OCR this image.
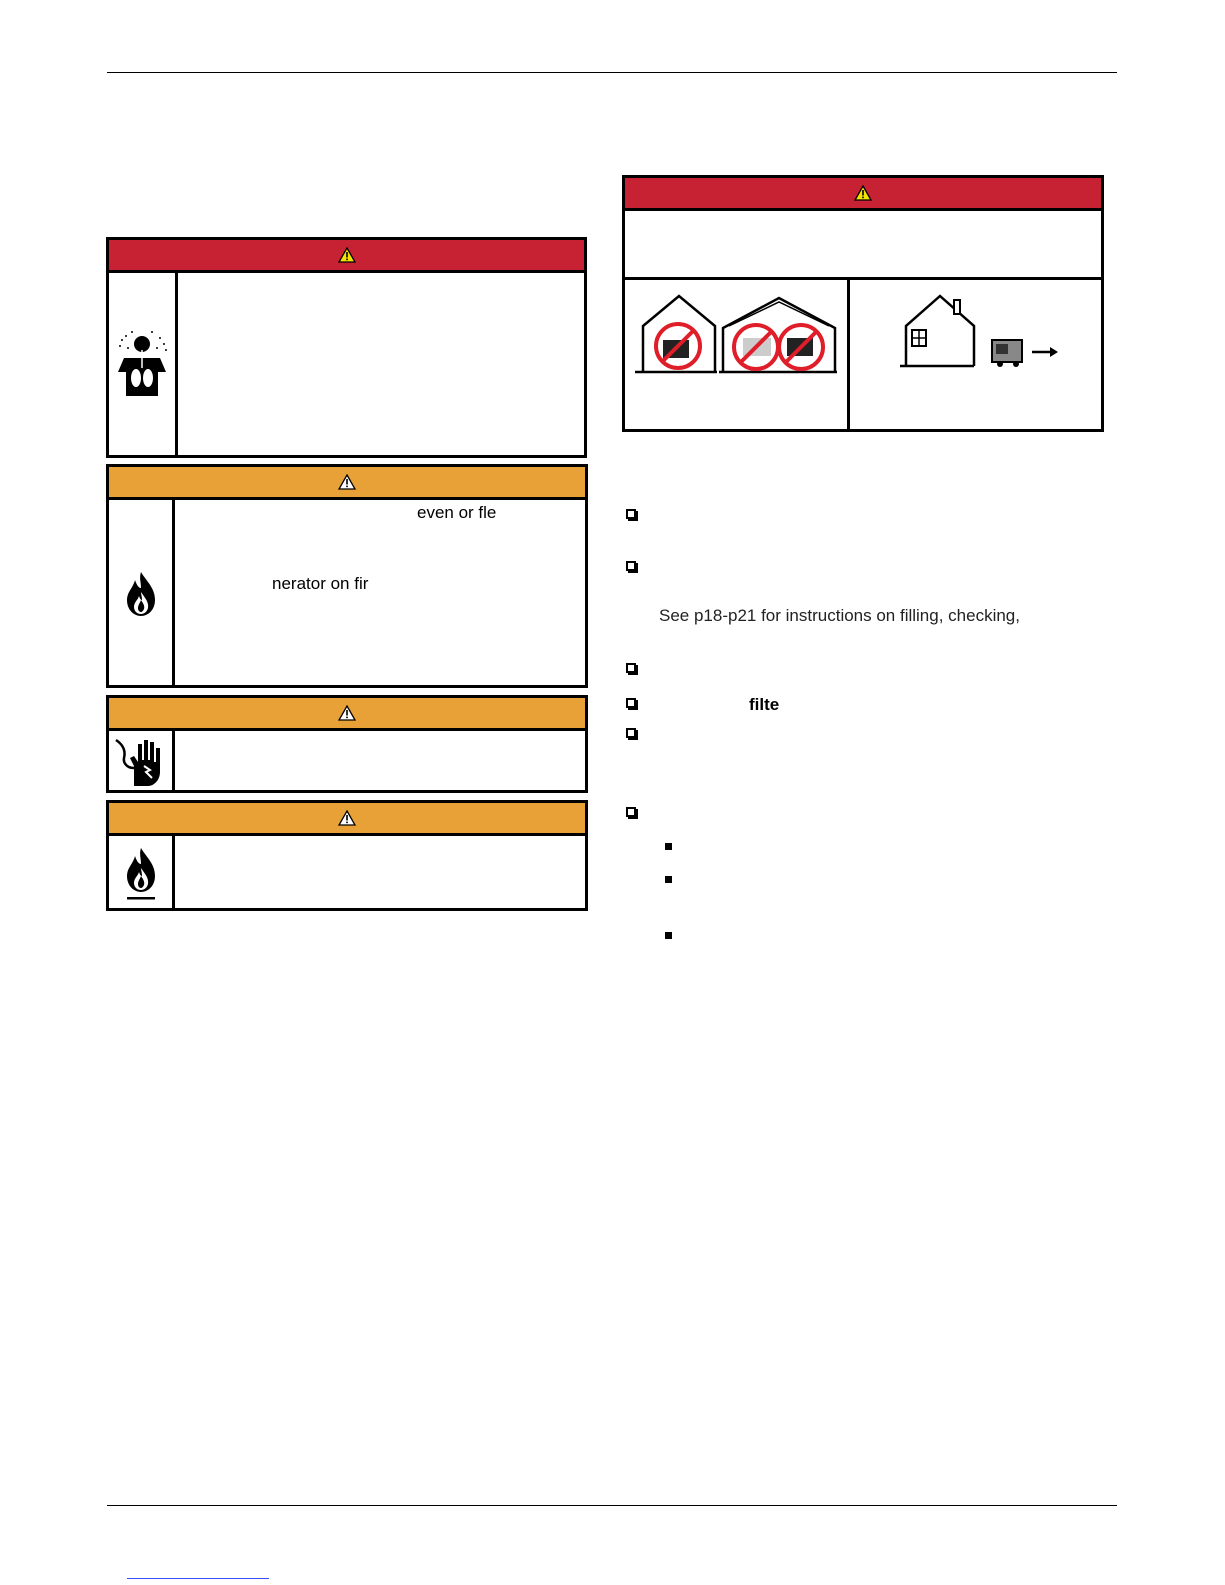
even or fle
nerator on fir
See p18-p21 for instructions on filling, checking,
filte
